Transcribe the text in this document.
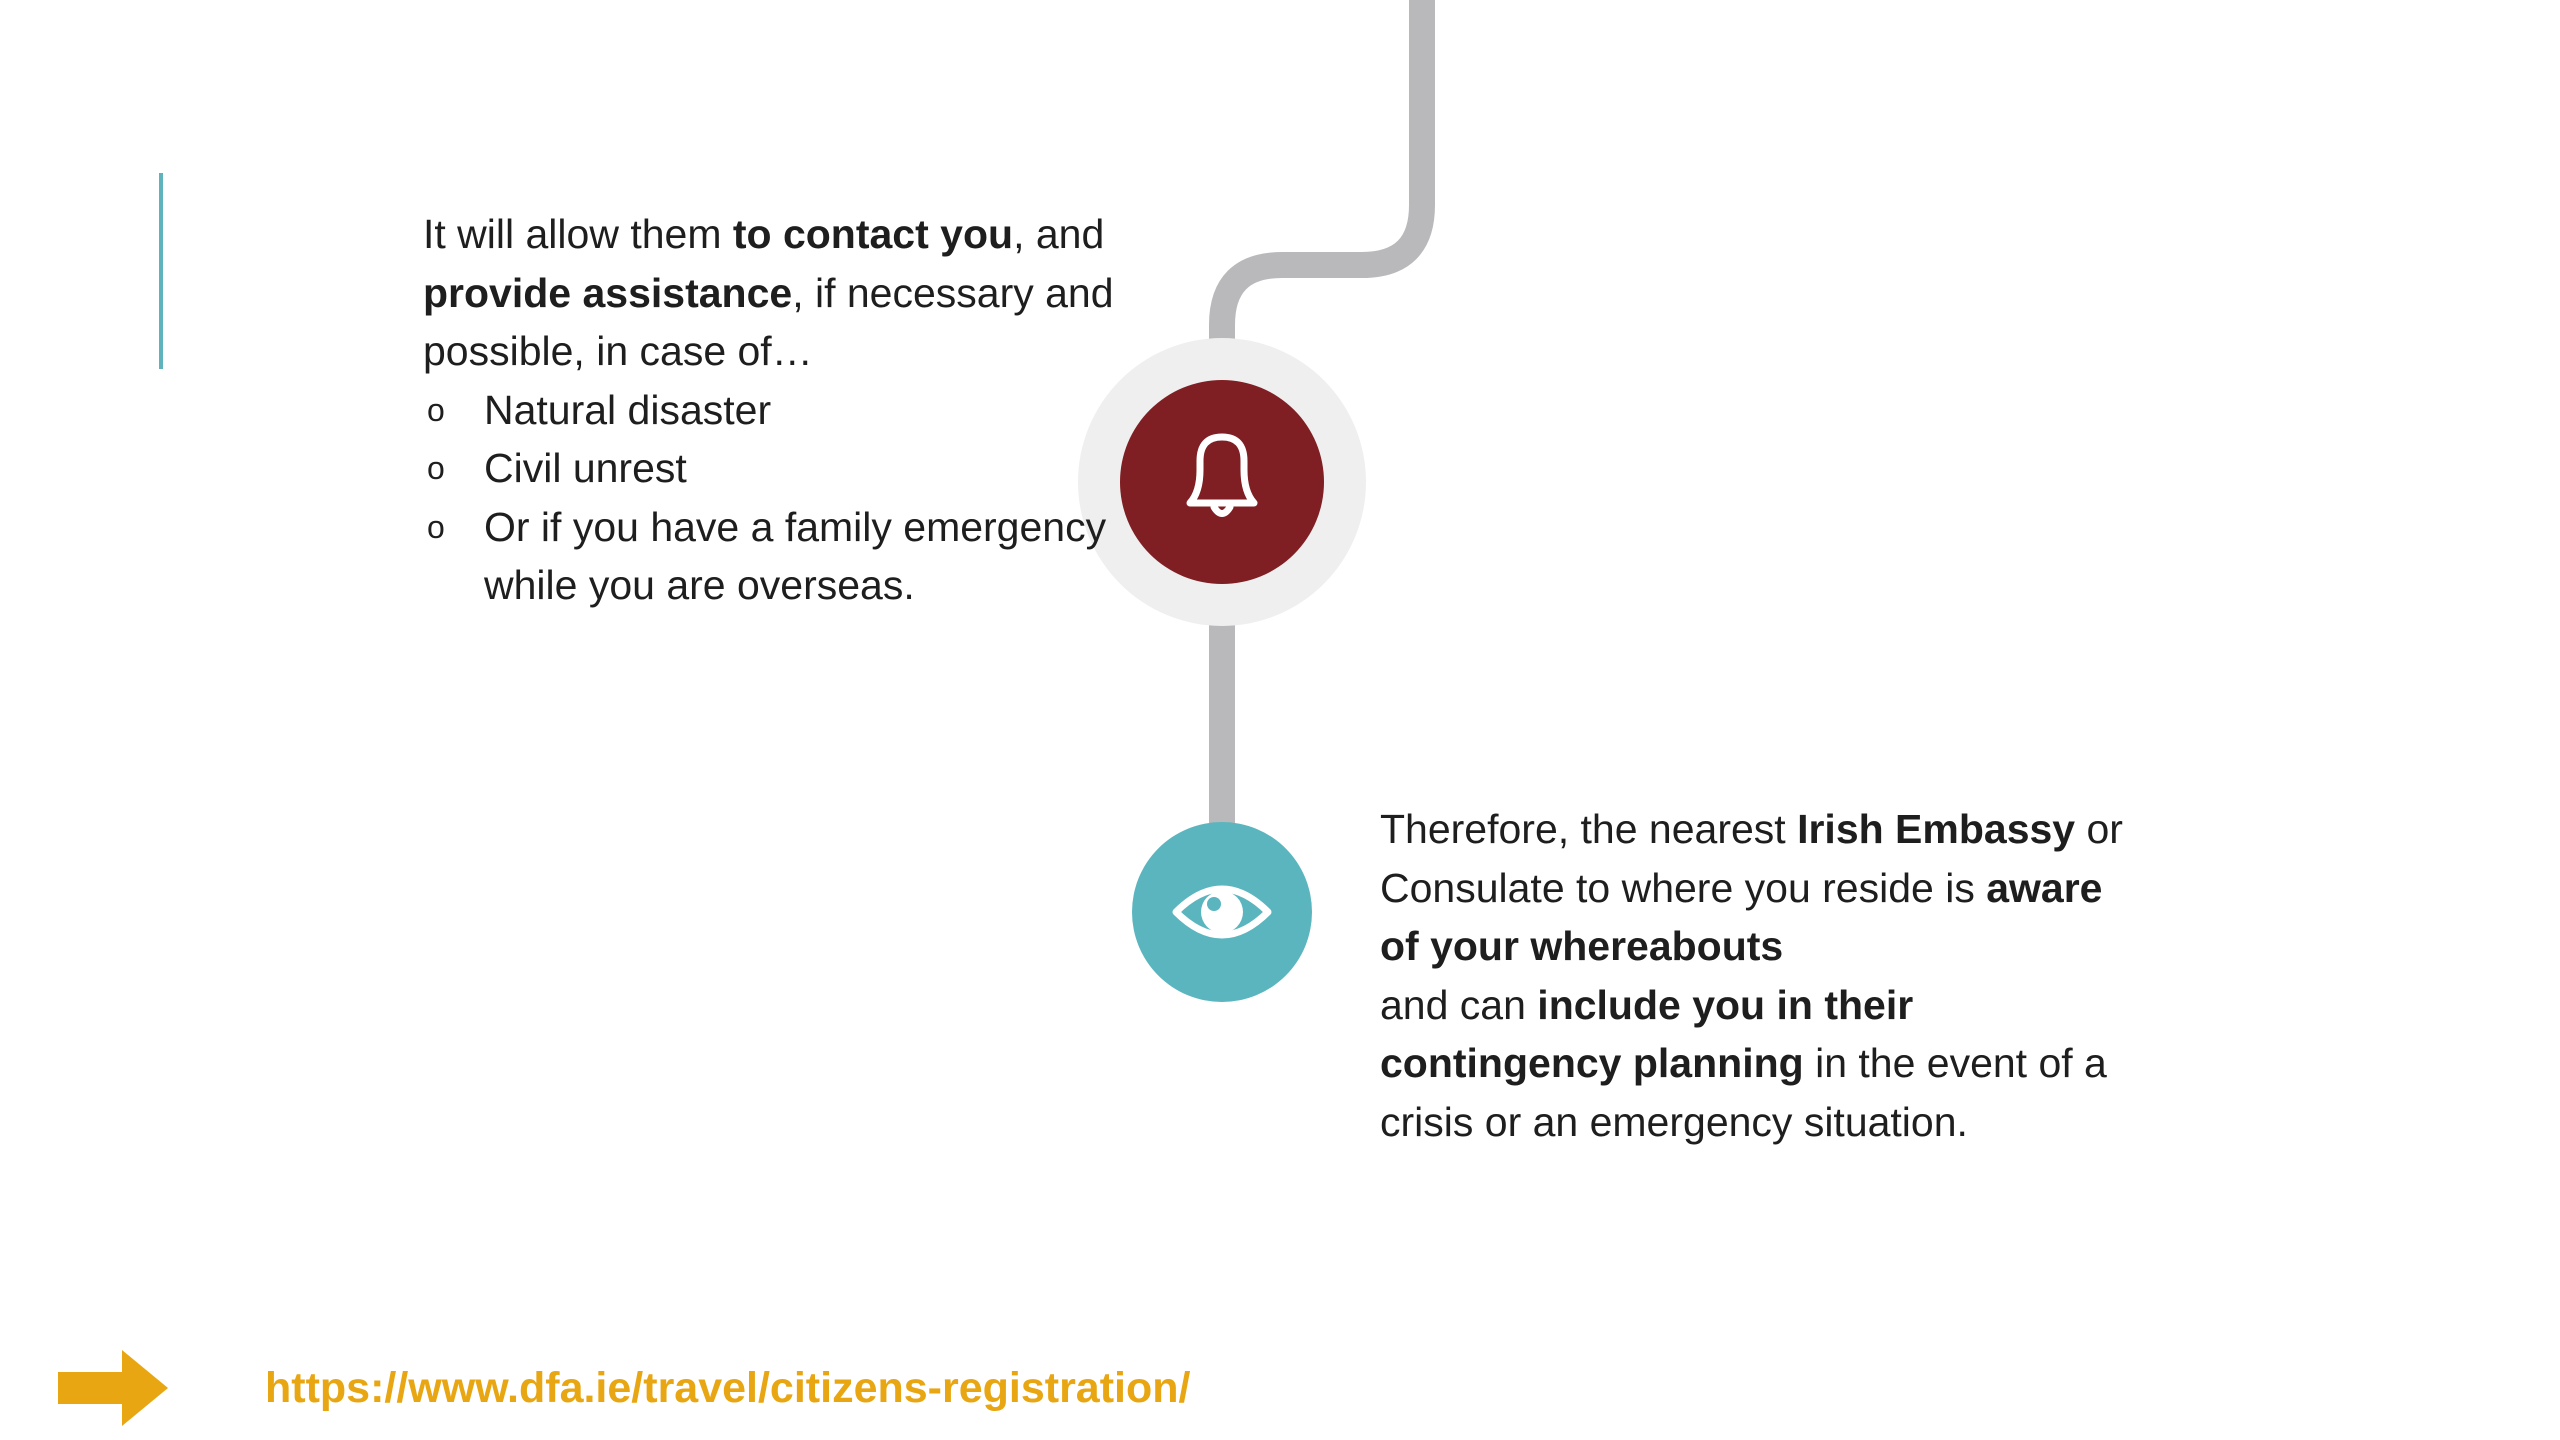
It will allow them to contact you, and provide assistance, if necessary and possible, in case of…
o Natural disaster
o Civil unrest
o Or if you have a family emergency while you are overseas.
Therefore, the nearest Irish Embassy or Consulate to where you reside is aware of your whereabouts
and can include you in their contingency planning in the event of a crisis or an emergency situation.
https://www.dfa.ie/travel/citizens-registration/
